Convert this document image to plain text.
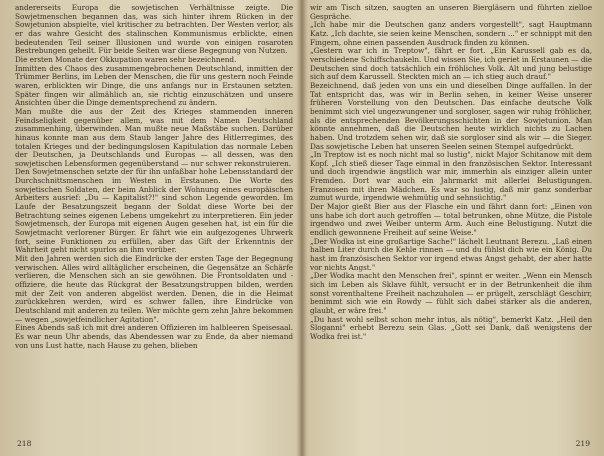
andererseits Europa die sowjetischen Verhältnisse zeigte. Die Sowjetmenschen begannen das, was sich hinter ihrem Rücken in der Sowjetunion abspielte, viel kritischer zu betrachten. Der Westen verlor, als er das wahre Gesicht des stalinschen Kommunismus erblickte, einen bedeutenden Teil seiner Illusionen und wurde von einigen rosaroten Bestrebungen geheilt. Für beide Seiten war diese Begegnung von Nutzen.

Die ersten Monate der Okkupation waren sehr bezeichnend.

Inmitten des Chaos des zusammengebrochenen Deutschland, inmitten der Trümmer Berlins, im Leben der Menschen, die für uns gestern noch Feinde waren, erblickten wir Dinge, die uns anfangs nur in Erstaunen setzten. Später fingen wir allmählich an, sie richtig einzuschätzen und unsere Ansichten über die Dinge dementsprechend zu ändern.

Man mußte die aus der Zeit des Krieges stammenden inneren Feindseligkeit gegenüber allem, was mit dem Namen Deutschland zusammenhing, überwinden. Man mußte neue Maßstäbe suchen. Darüber hinaus konnte man aus dem Staub langer Jahre des Hitlerregimes, des totalen Krieges und der bedingungslosen Kapitulation das normale Leben der Deutschen, ja Deutschlands und Europas — all dessen, was den sowjetischen Lebensformen gegenüberstand — nur schwer rekonstruieren.

Den Sowjetmenschen setzte der für ihn unfaßbar hohe Lebensstandard der Durchschnittsmenschen im Westen in Erstaunen. Die Worte des sowjetischen Soldaten, der beim Anblick der Wohnung eines europäischen Arbeiters ausrief: „Du — Kapitalist?!" sind schon Legende geworden. Im Laufe der Besatzungszeit begann der Soldat diese Worte bei der Betrachtung seines eigenen Lebens umgekehrt zu interpretieren. Ein jeder Sowjetmensch, der Europa mit eigenen Augen gesehen hat, ist ein für die Sowjetmacht verlorener Bürger. Er fährt wie ein aufgezogenes Uhrwerk fort, seine Funktionen zu erfüllen, aber das Gift der Erkenntnis der Wahrheit geht nicht spurlos an ihm vorüber.

Mit den Jahren werden sich die Eindrücke der ersten Tage der Begegnung verwischen. Alles wird alltäglicher erscheinen, die Gegensätze an Schärfe verlieren, die Menschen sich an sie gewöhnen. Die Frontsoldaten und -offiziere, die heute das Rückgrat der Besatzungstruppen bilden, werden mit der Zeit von anderen abgelöst werden. Denen, die in die Heimat zurückkehren werden, wird es schwer fallen, ihre Eindrücke von Deutschland mit anderen zu teilen. Wer möchte gern zehn Jahre bekommen — wegen „sowjetfeindlicher Agitation".

Eines Abends saß ich mit drei anderen Offizieren im halbleeren Speisesaal. Es war neun Uhr abends, das Abendessen war zu Ende, da aber niemand von uns Lust hatte, nach Hause zu gehen, blieben

218

wir am Tisch sitzen, saugten an unseren Biergläsern und führten zielloe Gespräche.

„Ich habe mir die Deutschen ganz anders vorgestellt", sagt Hauptmann Katz. „Ich dachte, sie seien keine Menschen, sondern ..." er schnippt mit den Fingern, ohne einen passenden Ausdruck finden zu können.

„Gestern war ich in Treptow", fährt er fort. „Ein Karussell gab es da, verschiedene Schiffschaukeln. Und wissen Sie, ich geriet in Erstaunen — die Deutschen sind doch tatsächlich ein fröhliches Volk. Alt und jung belustige sich auf dem Karussell. Steckten mich an — ich stieg auch drauf."

Bezeichnend, daß jeden von uns ein und dieselben Dinge auffallen. In der Tat entspricht das, was wir in Berlin sehen, in keiner Weise unserer früheren Vorstellung von den Deutschen. Das einfache deutsche Volk benimmt sich viel ungezwungener und sorgloser, sagen wir ruhig fröhlicher, als die entsprechenden Bevölkerungsschichten in der Sowjetunion. Man könnte annehmen, daß die Deutschen heute wirklich nichts zu Lachen haben. Und trotzdem sehen wir, daß sie sorgloser sind als wir — die Sieger. Das sowjetische Leben hat unseren Seelen seinen Stempel aufgedrückt.

„In Treptow ist es noch nicht mal so lustig", nickt Major Schitanow mit dem Kopf. „Ich stieß dieser Tage einmal in den französischen Sektor. Interessant und doch irgendwie ängstlich war mir, immerhin als einziger allein unter Fremden. Dort war auch ein Jahrmarkt mit allerlei Belustigungen. Franzosen mit ihren Mädchen. Es war so lustig, daß mir ganz sonderbar zumut wurde, irgendwie wehmütig und sehnsüchtig."

Der Major gießt Bier aus der Flasche ein und fährt dann fort: „Einen von uns habe ich dort auch getroffen — total betrunken, ohne Mütze, die Pistole irgendwo und zwei Weiber unterm Arm. Auch eine Belustigung. Nutzt die endlich gewonnene Freiheit auf seine Weise."

„Der Wodka ist eine großartige Sache!" lächelt Leutnant Berezu. „Laß einen halben Liter durch die Kehle rinnen — und du fühlst dich wie ein König. Du hast im französischen Sektor vor irgend etwas Angst gehabt, der aber hatte vor nichts Angst."

„Der Wodka macht den Menschen frei", spinnt er weiter. „Wenn ein Mensch sich im Leben als Sklave fühlt, versucht er in der Betrunkenheit die ihm sonst vorenthaltene Freiheit nachzuholen — er prügelt, zerschlägt Geschirr, benimmt sich wie ein Rowdy — fühlt sich dabei stärker als die anderen, glaubt, er wäre frei."

„Du hast wohl selbst schon mehr intus, als nötig", bemerkt Katz. „Heil den Sloganni" erhebt Berezu sein Glas. „Gott sei Dank, daß wenigstens der Wodka frei ist."

219
